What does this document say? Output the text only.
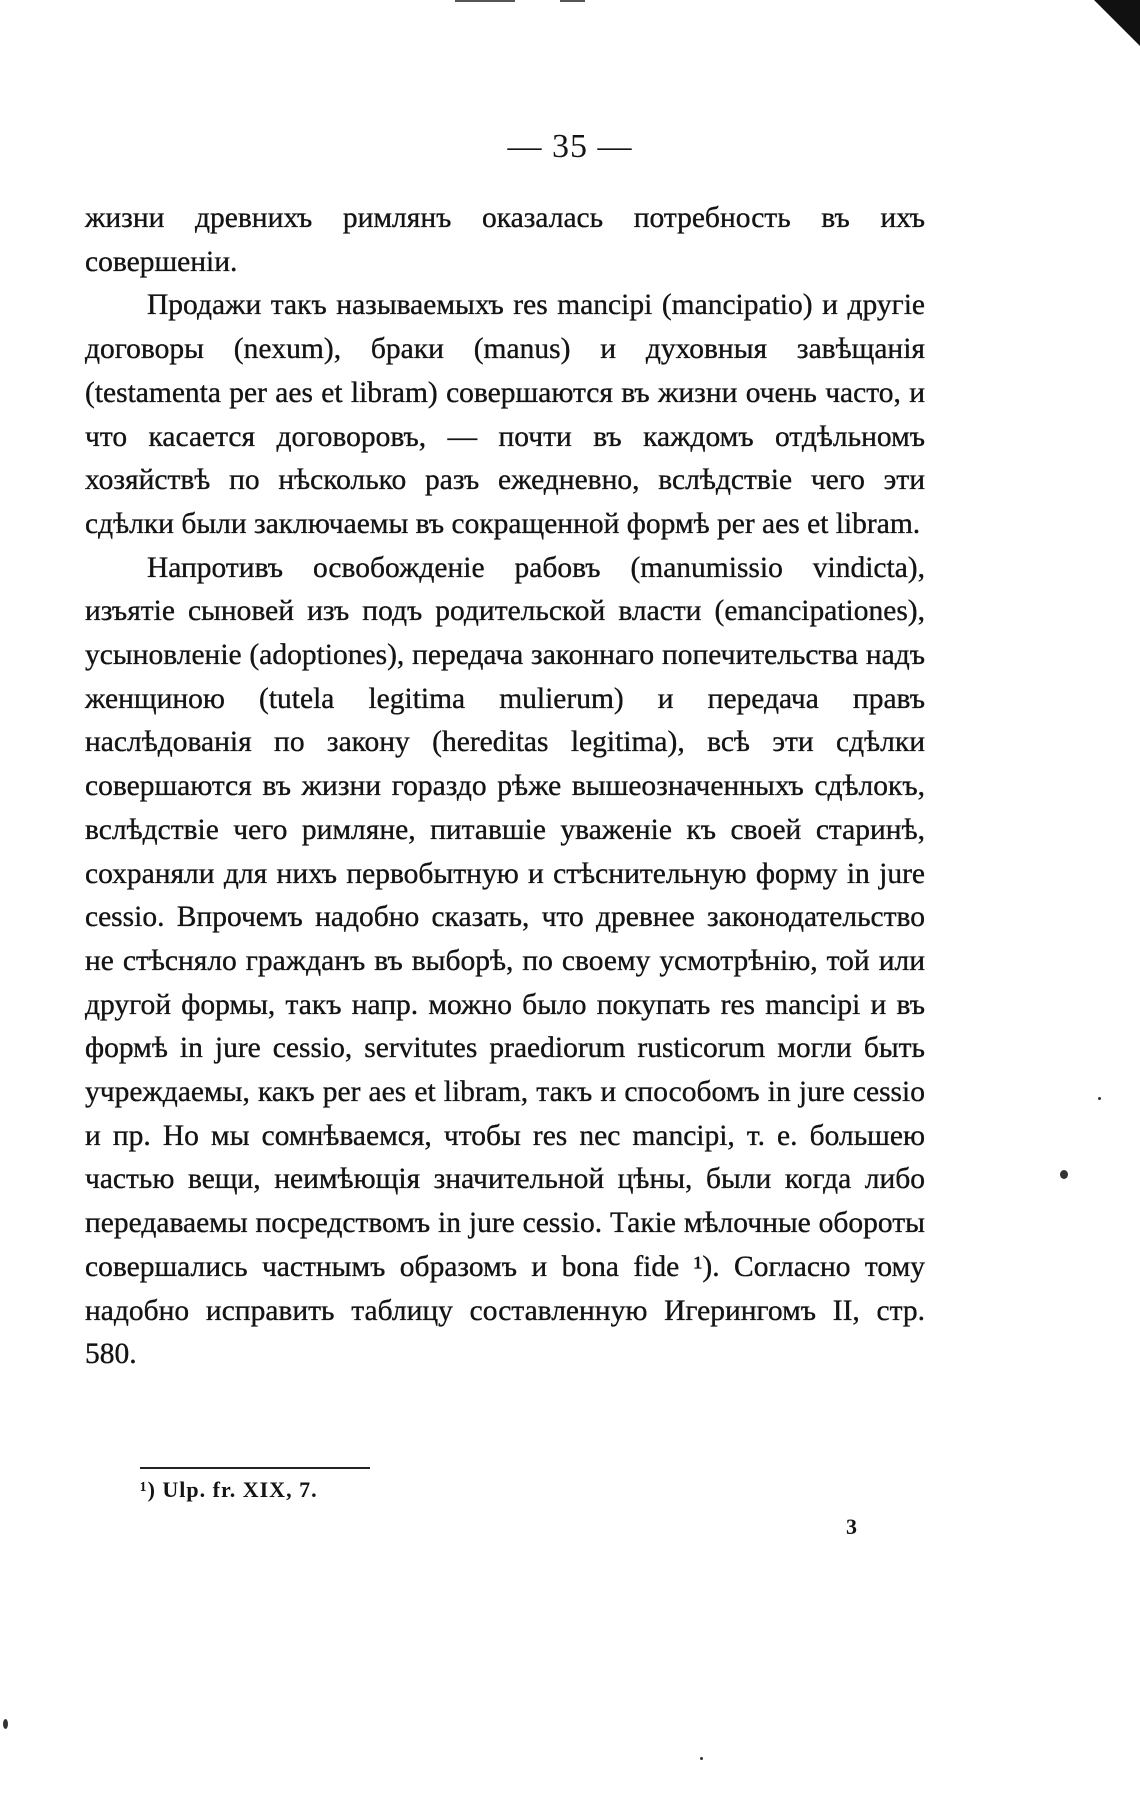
— 35 —

жизни древнихъ римлянъ оказалась потребность въ ихъ совершеніи.

Продажи такъ называемыхъ res mancipi (mancipatio) и другіе договоры (nexum), браки (manus) и духовныя завѣщанія (testamenta per aes et libram) совершаются въ жизни очень часто, и что касается договоровъ, — почти въ каждомъ отдѣльномъ хозяйствѣ по нѣсколько разъ ежедневно, вслѣдствіе чего эти сдѣлки были заключаемы въ сокращенной формѣ per aes et libram.

Напротивъ освобожденіе рабовъ (manumissio vindicta), изъятіе сыновей изъ подъ родительской власти (emancipationes), усыновленіе (adoptiones), передача законнаго попечительства надъ женщиною (tutela legitima mulierum) и передача правъ наслѣдованія по закону (hereditas legitima), всѣ эти сдѣлки совершаются въ жизни гораздо рѣже вышеозначенныхъ сдѣлокъ, вслѣдствіе чего римляне, питавшіе уваженіе къ своей старинѣ, сохраняли для нихъ первобытную и стѣснительную форму in jure cessio. Впрочемъ надобно сказать, что древнее законодательство не стѣсняло гражданъ въ выборѣ, по своему усмотрѣнію, той или другой формы, такъ напр. можно было покупать res mancipi и въ формѣ in jure cessio, servitutes praediorum rusticorum могли быть учреждаемы, какъ per aes et libram, такъ и способомъ in jure cessio и пр. Но мы сомнѣваемся, чтобы res nec mancipi, т. е. большею частью вещи, неимѣющія значительной цѣны, были когда либо передаваемы посредствомъ in jure cessio. Такіе мѣлочные обороты совершались частнымъ образомъ и bona fide ¹). Согласно тому надобно исправить таблицу составленную Игерингомъ II, стр. 580.

¹) Ulp. fr. XIX, 7.
3
